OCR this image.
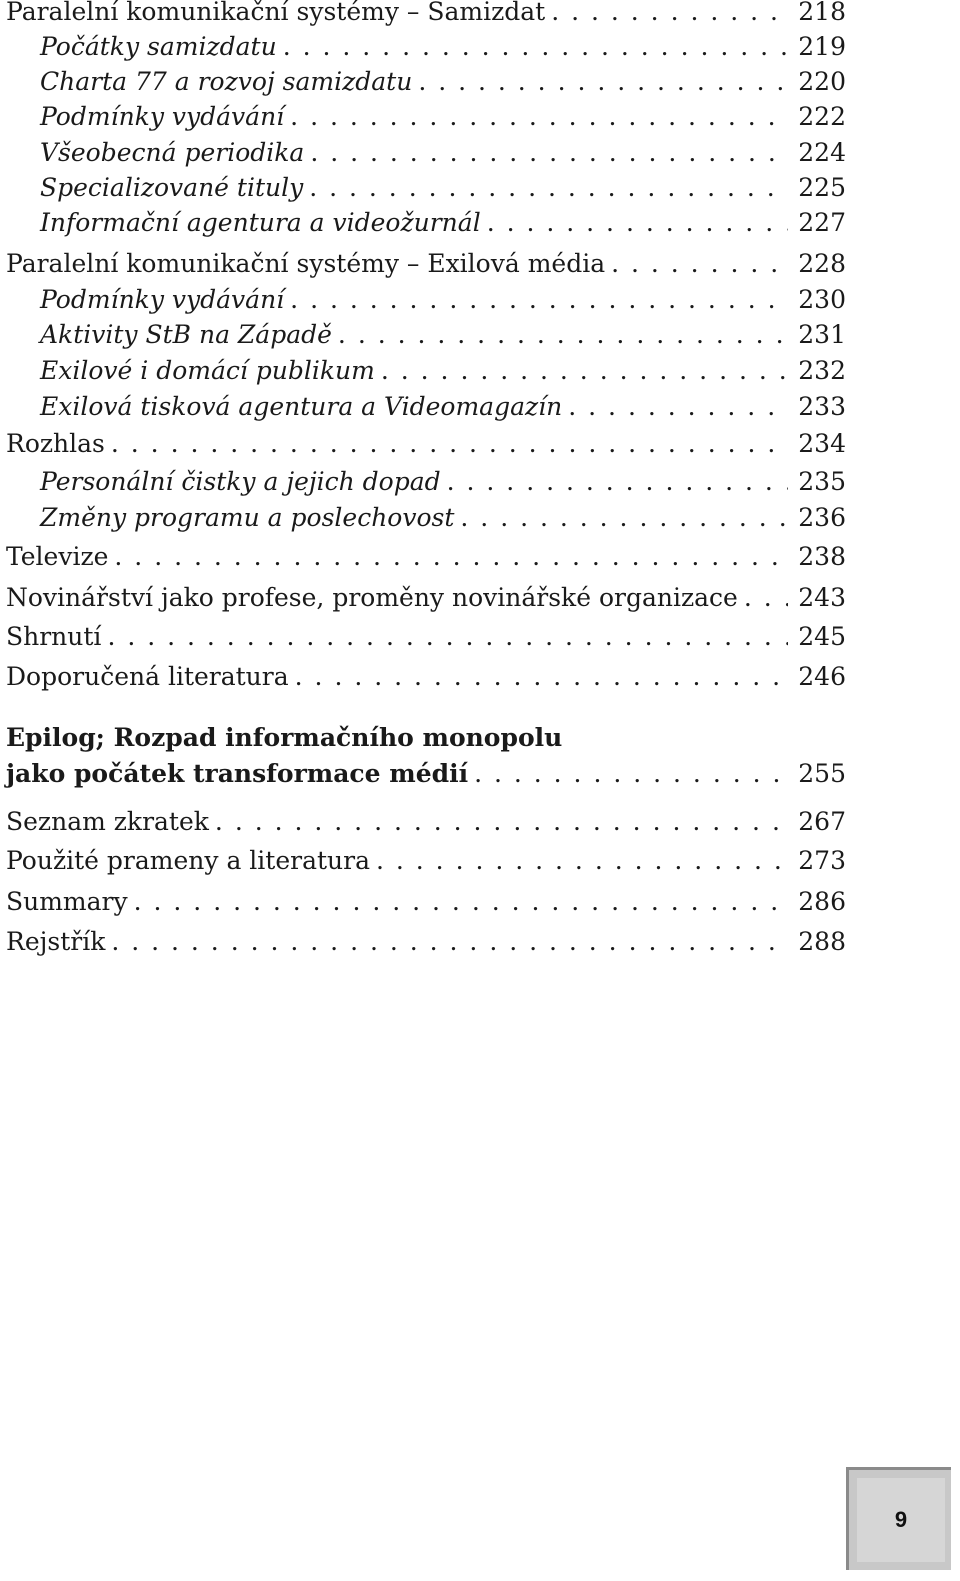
Paralelní komunikační systémy – Samizdat . . .	218
Počátky samizdatu . . .	219
Charta 77 a rozvoj samizdatu . . .	220
Podmínky vydávání . . .	222
Všeobecná periodika . . .	224
Specializované tituly . . .	225
Informační agentura a videožurnál . . .	227
Paralelní komunikační systémy – Exilová média . . .	228
Podmínky vydávání . . .	230
Aktivity StB na Západě . . .	231
Exilové i domácí publikum . . .	232
Exilová tisková agentura a Videomagazín . . .	233
Rozhlas . . .	234
Personální čistky a jejich dopad . . .	235
Změny programu a poslechovost . . .	236
Televize . . .	238
Novinářství jako profese, proměny novinářské organizace . . .	243
Shrnutí . . .	245
Doporučená literatura . . .	246
Epilog; Rozpad informačního monopolu
jako počátek transformace médií . . .	255
Seznam zkratek . . .	267
Použité prameny a literatura . . .	273
Summary . . .	286
Rejstřík . . .	288
9
